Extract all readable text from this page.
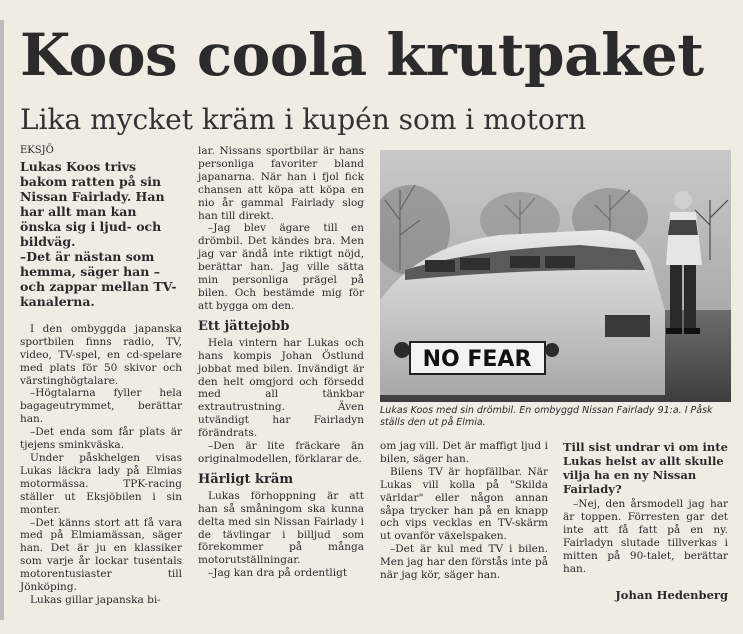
Koos coola krutpaket
Lika mycket kräm i kupén som i motorn
EKSJÖ

Lukas Koos trivs bakom ratten på sin Nissan Fairlady. Han har allt man kan önska sig i ljud- och bildväg.

–Det är nästan som hemma, säger han – och zappar mellan TV-kanalerna.

I den ombyggda japanska sportbilen finns radio, TV, video, TV-spel, en cd-spelare med plats för 50 skivor och värstinghögtalare.

–Högtalarna fyller hela bagageutrymmet, berättar han.

–Det enda som får plats är tjejens sminkväska.

Under påskhelgen visas Lukas läckra lady på Elmias motormässa. TPK-racing ställer ut Eksjöbilen i sin monter.

–Det känns stort att få vara med på Elmiamässan, säger han. Det är ju en klassiker som varje år lockar tusentals motorentusiaster till Jönköping.

Lukas gillar japanska bi-

lar. Nissans sportbilar är hans personliga favoriter bland japanarna. När han i fjol fick chansen att köpa att köpa en nio år gammal Fairlady slog han till direkt.

–Jag blev ägare till en drömbil. Det kändes bra. Men jag var ändå inte riktigt nöjd, berättar han. Jag ville sätta min personliga prägel på bilen. Och bestämde mig för att bygga om den.

Ett jättejobb

Hela vintern har Lukas och hans kompis Johan Östlund jobbat med bilen. Invändigt är den helt omgjord och försedd med all tänkbar extrautrustning. Även utvändigt har Fairladyn förändrats.

–Den är lite fräckare än originalmodellen, förklarar de.

Härligt kräm

Lukas förhoppning är att han så småningom ska kunna delta med sin Nissan Fairlady i de tävlingar i billjud som förekommer på många motorutställningar.

–Jag kan dra på ordentligt

NO FEAR
Lukas Koos med sin drömbil. En ombyggd Nissan Fairlady 91:a. I Påsk ställs den ut på Elmia.

om jag vill. Det är maffigt ljud i bilen, säger han.

Bilens TV är hopfällbar. När Lukas vill kolla på "Skilda världar" eller någon annan såpa trycker han på en knapp och vips vecklas en TV-skärm ut ovanför växelspaken.

–Det är kul med TV i bilen. Men jag har den förstås inte på när jag kör, säger han.

Till sist undrar vi om inte Lukas helst av allt skulle vilja ha en ny Nissan Fairlady?

–Nej, den årsmodell jag har är toppen. Förresten gar det inte att få fatt på en ny. Fairladyn slutade tillverkas i mitten på 90-talet, berättar han.

Johan Hedenberg
